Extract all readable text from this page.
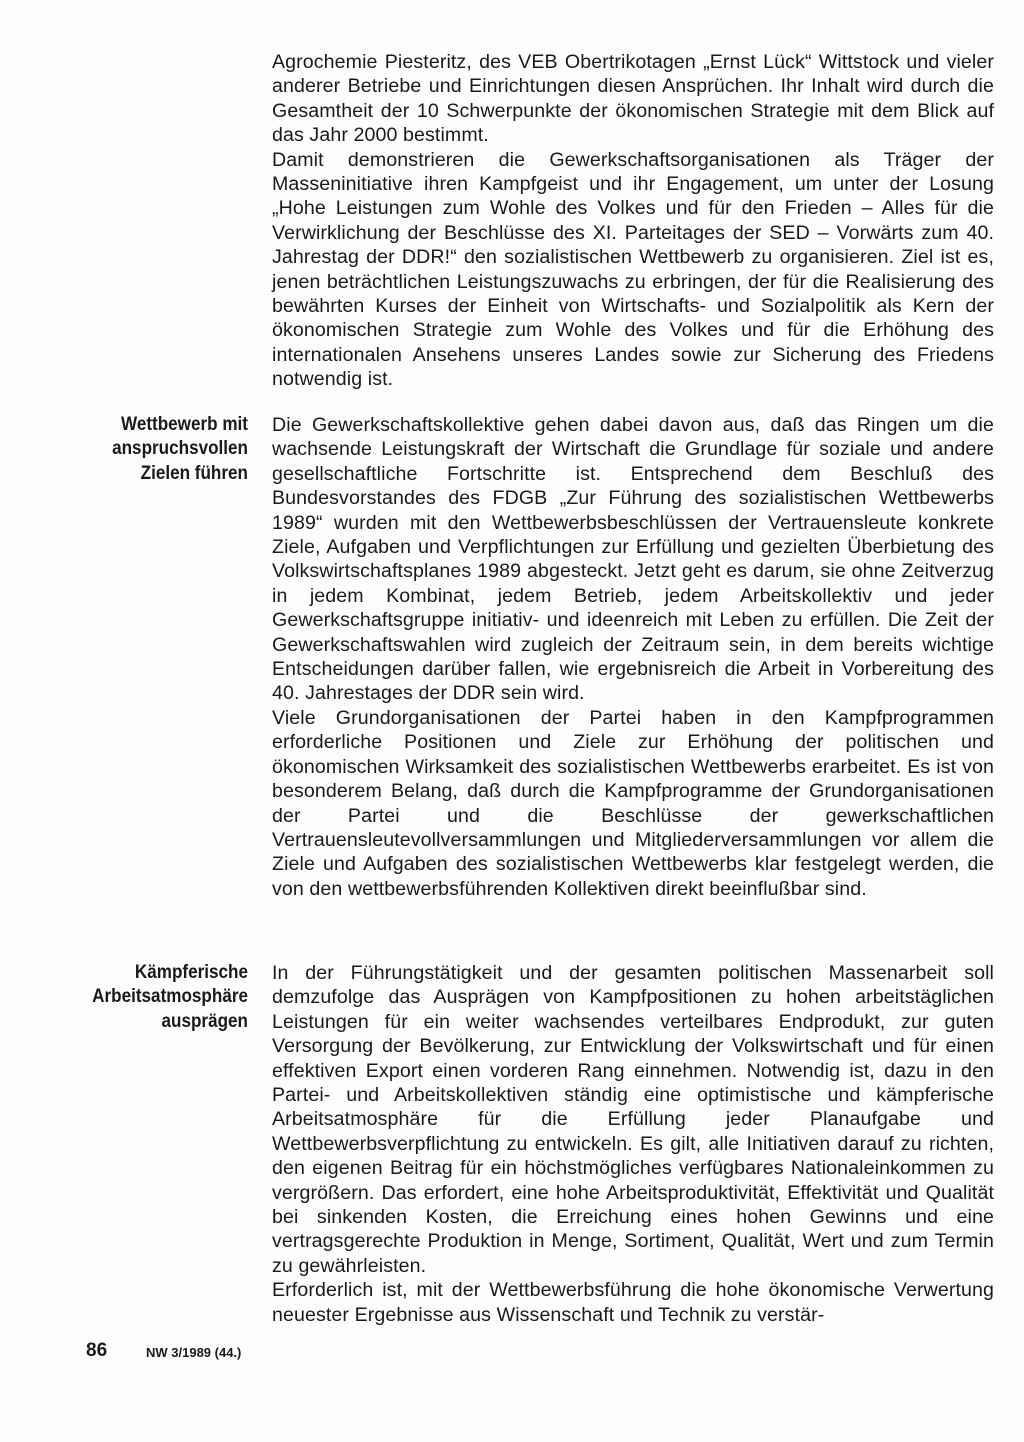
Agrochemie Piesteritz, des VEB Obertrikotagen „Ernst Lück“ Wittstock und vieler anderer Betriebe und Einrichtungen diesen Ansprüchen. Ihr Inhalt wird durch die Gesamtheit der 10 Schwerpunkte der ökonomischen Strategie mit dem Blick auf das Jahr 2000 bestimmt.

Damit demonstrieren die Gewerkschaftsorganisationen als Träger der Masseninitiative ihren Kampfgeist und ihr Engagement, um unter der Losung „Hohe Leistungen zum Wohle des Volkes und für den Frieden – Alles für die Verwirklichung der Beschlüsse des XI. Parteitages der SED – Vorwärts zum 40. Jahrestag der DDR!“ den sozialistischen Wettbewerb zu organisieren. Ziel ist es, jenen beträchtlichen Leistungszuwachs zu erbringen, der für die Realisierung des bewährten Kurses der Einheit von Wirtschafts- und Sozialpolitik als Kern der ökonomischen Strategie zum Wohle des Volkes und für die Erhöhung des internationalen Ansehens unseres Landes sowie zur Sicherung des Friedens notwendig ist.

Wettbewerb mit
anspruchsvollen
Zielen führen

Die Gewerkschaftskollektive gehen dabei davon aus, daß das Ringen um die wachsende Leistungskraft der Wirtschaft die Grundlage für soziale und andere gesellschaftliche Fortschritte ist. Entsprechend dem Beschluß des Bundesvorstandes des FDGB „Zur Führung des sozialistischen Wettbewerbs 1989“ wurden mit den Wettbewerbsbeschlüssen der Vertrauensleute konkrete Ziele, Aufgaben und Verpflichtungen zur Erfüllung und gezielten Überbietung des Volkswirtschaftsplanes 1989 abgesteckt. Jetzt geht es darum, sie ohne Zeitverzug in jedem Kombinat, jedem Betrieb, jedem Arbeitskollektiv und jeder Gewerkschaftsgruppe initiativ- und ideenreich mit Leben zu erfüllen. Die Zeit der Gewerkschaftswahlen wird zugleich der Zeitraum sein, in dem bereits wichtige Entscheidungen darüber fallen, wie ergebnisreich die Arbeit in Vorbereitung des 40. Jahrestages der DDR sein wird.

Viele Grundorganisationen der Partei haben in den Kampfprogrammen erforderliche Positionen und Ziele zur Erhöhung der politischen und ökonomischen Wirksamkeit des sozialistischen Wettbewerbs erarbeitet. Es ist von besonderem Belang, daß durch die Kampfprogramme der Grundorganisationen der Partei und die Beschlüsse der gewerkschaftlichen Vertrauensleutevollversammlungen und Mitgliederversammlungen vor allem die Ziele und Aufgaben des sozialistischen Wettbewerbs klar festgelegt werden, die von den wettbewerbsführenden Kollektiven direkt beeinflußbar sind.

Kämpferische
Arbeitsatmosphäre
ausprägen

In der Führungstätigkeit und der gesamten politischen Massenarbeit soll demzufolge das Ausprägen von Kampfpositionen zu hohen arbeitstäglichen Leistungen für ein weiter wachsendes verteilbares Endprodukt, zur guten Versorgung der Bevölkerung, zur Entwicklung der Volkswirtschaft und für einen effektiven Export einen vorderen Rang einnehmen. Notwendig ist, dazu in den Partei- und Arbeitskollektiven ständig eine optimistische und kämpferische Arbeitsatmosphäre für die Erfüllung jeder Planaufgabe und Wettbewerbsverpflichtung zu entwickeln. Es gilt, alle Initiativen darauf zu richten, den eigenen Beitrag für ein höchstmögliches verfügbares Nationaleinkommen zu vergrößern. Das erfordert, eine hohe Arbeitsproduktivität, Effektivität und Qualität bei sinkenden Kosten, die Erreichung eines hohen Gewinns und eine vertragsgerechte Produktion in Menge, Sortiment, Qualität, Wert und zum Termin zu gewährleisten.

Erforderlich ist, mit der Wettbewerbsführung die hohe ökonomische Verwertung neuester Ergebnisse aus Wissenschaft und Technik zu verstär-

86	NW 3/1989 (44.)
